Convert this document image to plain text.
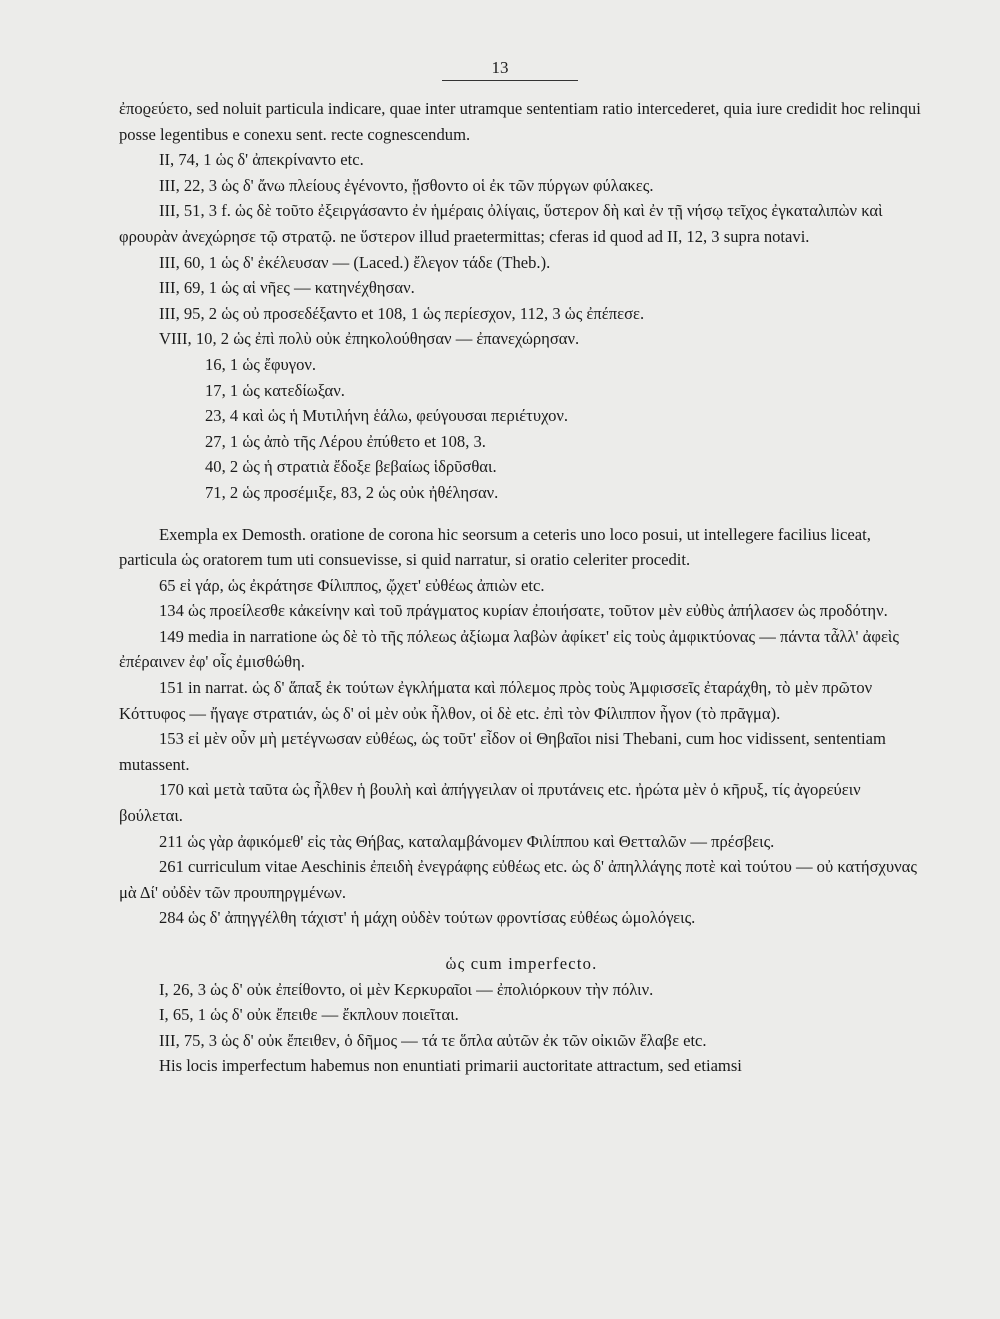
13

ἐποϱεύετο, sed noluit particula indicare, quae inter utramque sententiam ratio intercederet, quia iure credidit hoc relinqui posse legentibus e conexu sent. recte cognescendum.

II, 74, 1 ὡς δ' ἀπεκρίναντο etc.

III, 22, 3 ὡς δ' ἄνω πλείους ἐγένοντο, ᾔσθοντο οἱ ἐκ τῶν πύργων φύλακες.

III, 51, 3 f. ὡς δὲ τοῦτο ἐξειργάσαντο ἐν ἡμέραις ὀλίγαις, ὕστερον δὴ καὶ ἐν τῇ νήσῳ τεῖχος ἐγκαταλιπὼν καὶ φρουρὰν ἀνεχώρησε τῷ στρατῷ. ne ὕστερον illud praetermittas; cferas id quod ad II, 12, 3 supra notavi.

III, 60, 1 ὡς δ' ἐκέλευσαν — (Laced.) ἔλεγον τάδε (Theb.).

III, 69, 1 ὡς αἱ νῆες — κατηνέχθησαν.

III, 95, 2 ὡς οὐ προσεδέξαντο et 108, 1 ὡς περίεσχον, 112, 3 ὡς ἐπέπεσε.

VIII, 10, 2 ὡς ἐπὶ πολὺ οὐκ ἐπηκολούθησαν — ἐπανεχώρησαν.

16, 1 ὡς ἔφυγον.

17, 1 ὡς κατεδίωξαν.

23, 4 καὶ ὡς ἡ Μυτιλήνη ἑάλω, φεύγουσαι περιέτυχον.

27, 1 ὡς ἀπὸ τῆς Λέρου ἐπύθετο et 108, 3.

40, 2 ὡς ἡ στρατιὰ ἔδοξε βεβαίως ἱδρῦσθαι.

71, 2 ὡς προσέμιξε, 83, 2 ὡς οὐκ ἠθέλησαν.

Exempla ex Demosth. oratione de corona hic seorsum a ceteris uno loco posui, ut intellegere facilius liceat, particula ὡς oratorem tum uti consuevisse, si quid narratur, si oratio celeriter procedit.

65 εἰ γάρ, ὡς ἐκράτησε Φίλιππος, ᾤχετ' εὐθέως ἀπιὼν etc.

134 ὡς προείλεσθε κἀκείνην καὶ τοῦ πράγματος κυρίαν ἐποιήσατε, τοῦτον μὲν εὐθὺς ἀπήλασεν ὡς προδότην.

149 media in narratione ὡς δὲ τὸ τῆς πόλεως ἀξίωμα λαβὼν ἀφίκετ' εἰς τοὺς ἀμφικτύονας — πάντα τἆλλ' ἀφεὶς ἐπέραινεν ἐφ' οἷς ἐμισθώθη.

151 in narrat. ὡς δ' ἅπαξ ἐκ τούτων ἐγκλήματα καὶ πόλεμος πρὸς τοὺς Ἀμφισσεῖς ἐταράχθη, τὸ μὲν πρῶτον Κόττυφος — ἤγαγε στρατιάν, ὡς δ' οἱ μὲν οὐκ ἦλθον, οἱ δὲ etc. ἐπὶ τὸν Φίλιππον ἦγον (τὸ πρᾶγμα).

153 εἰ μὲν οὖν μὴ μετέγνωσαν εὐθέως, ὡς τοῦτ' εἶδον οἱ Θηβαῖοι nisi Thebani, cum hoc vidissent, sententiam mutassent.

170 καὶ μετὰ ταῦτα ὡς ἦλθεν ἡ βουλὴ καὶ ἀπήγγειλαν οἱ πρυτάνεις etc. ἠρώτα μὲν ὁ κῆρυξ, τίς ἀγορεύειν βούλεται.

211 ὡς γὰρ ἀφικόμεθ' εἰς τὰς Θήβας, καταλαμβάνομεν Φιλίππου καὶ Θετταλῶν — πρέσβεις.

261 curriculum vitae Aeschinis ἐπειδὴ ἐνεγράφης εὐθέως etc. ὡς δ' ἀπηλλάγης ποτὲ καὶ τούτου — οὐ κατήσχυνας μὰ Δί' οὐδὲν τῶν προυπηργμένων.

284 ὡς δ' ἀπηγγέλθη τάχιστ' ἡ μάχη οὐδὲν τούτων φροντίσας εὐθέως ὡμολόγεις.

ὡς cum imperfecto.

I, 26, 3 ὡς δ' οὐκ ἐπείθοντο, οἱ μὲν Κερκυραῖοι — ἐπολιόρκουν τὴν πόλιν.

I, 65, 1 ὡς δ' οὐκ ἔπειθε — ἔκπλουν ποιεῖται.

III, 75, 3 ὡς δ' οὐκ ἔπειθεν, ὁ δῆμος — τά τε ὅπλα αὐτῶν ἐκ τῶν οἰκιῶν ἔλαβε etc.

His locis imperfectum habemus non enuntiati primarii auctoritate attractum, sed etiamsi
